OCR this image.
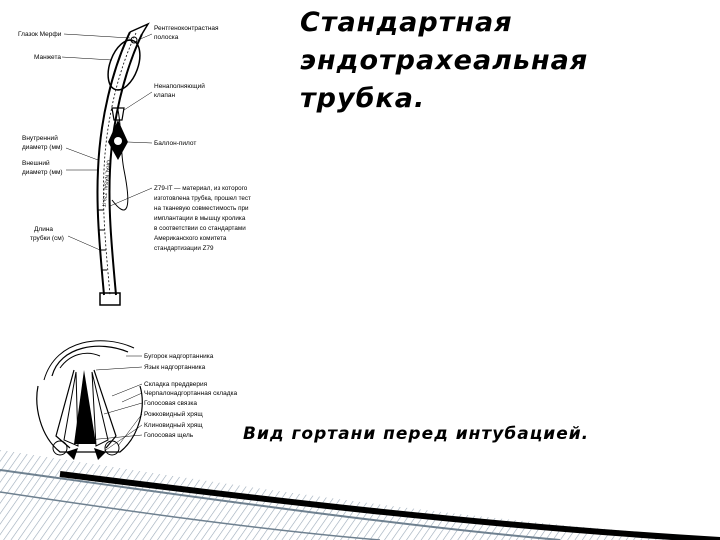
Стандартная
эндотрахеальная
трубка.
ORAL NASAL Z79-IT
Глазок Мерфи
Манжета
Внутренний
диаметр (мм)
Внешний
диаметр (мм)
Длина
трубки (см)
Рентгеноконтрастная
полоска
Ненаполняющий
клапан
Баллон-пилот
Z79-IT — материал, из которого
изготовлена трубка, прошел тест
на тканевую совместимость при
имплантации в мышцу кролика
в соответствии со стандартами
Американского комитета
стандартизации Z79
Бугорок надгортанника
Язык надгортанника
Складка преддверия
Черпалонадгортанная складка
Голосовая связка
Рожковидный хрящ
Клиновидный хрящ
Голосовая щель	Вид гортани перед интубацией.
